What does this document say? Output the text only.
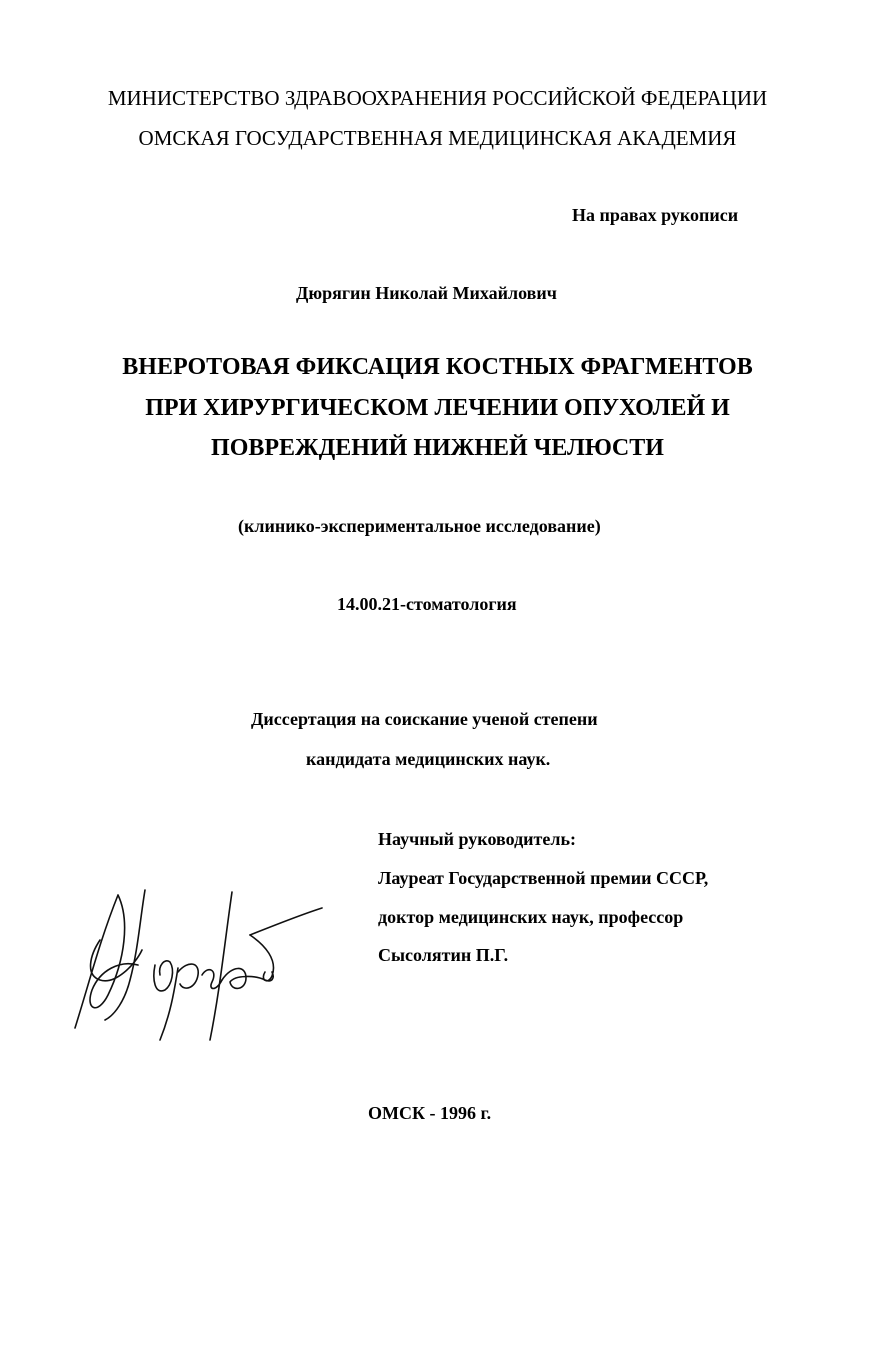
МИНИСТЕРСТВО ЗДРАВООХРАНЕНИЯ РОССИЙСКОЙ ФЕДЕРАЦИИ
ОМСКАЯ ГОСУДАРСТВЕННАЯ МЕДИЦИНСКАЯ АКАДЕМИЯ
На правах рукописи
Дюрягин Николай Михайлович
ВНЕРОТОВАЯ ФИКСАЦИЯ КОСТНЫХ ФРАГМЕНТОВ
ПРИ ХИРУРГИЧЕСКОМ ЛЕЧЕНИИ ОПУХОЛЕЙ И
ПОВРЕЖДЕНИЙ НИЖНЕЙ ЧЕЛЮСТИ
(клинико-экспериментальное исследование)
14.00.21-стоматология
Диссертация на соискание ученой степени
кандидата медицинских наук.
Научный руководитель:
Лауреат Государственной премии СССР,
доктор медицинских наук, профессор
Сысолятин П.Г.
ОМСК - 1996 г.
